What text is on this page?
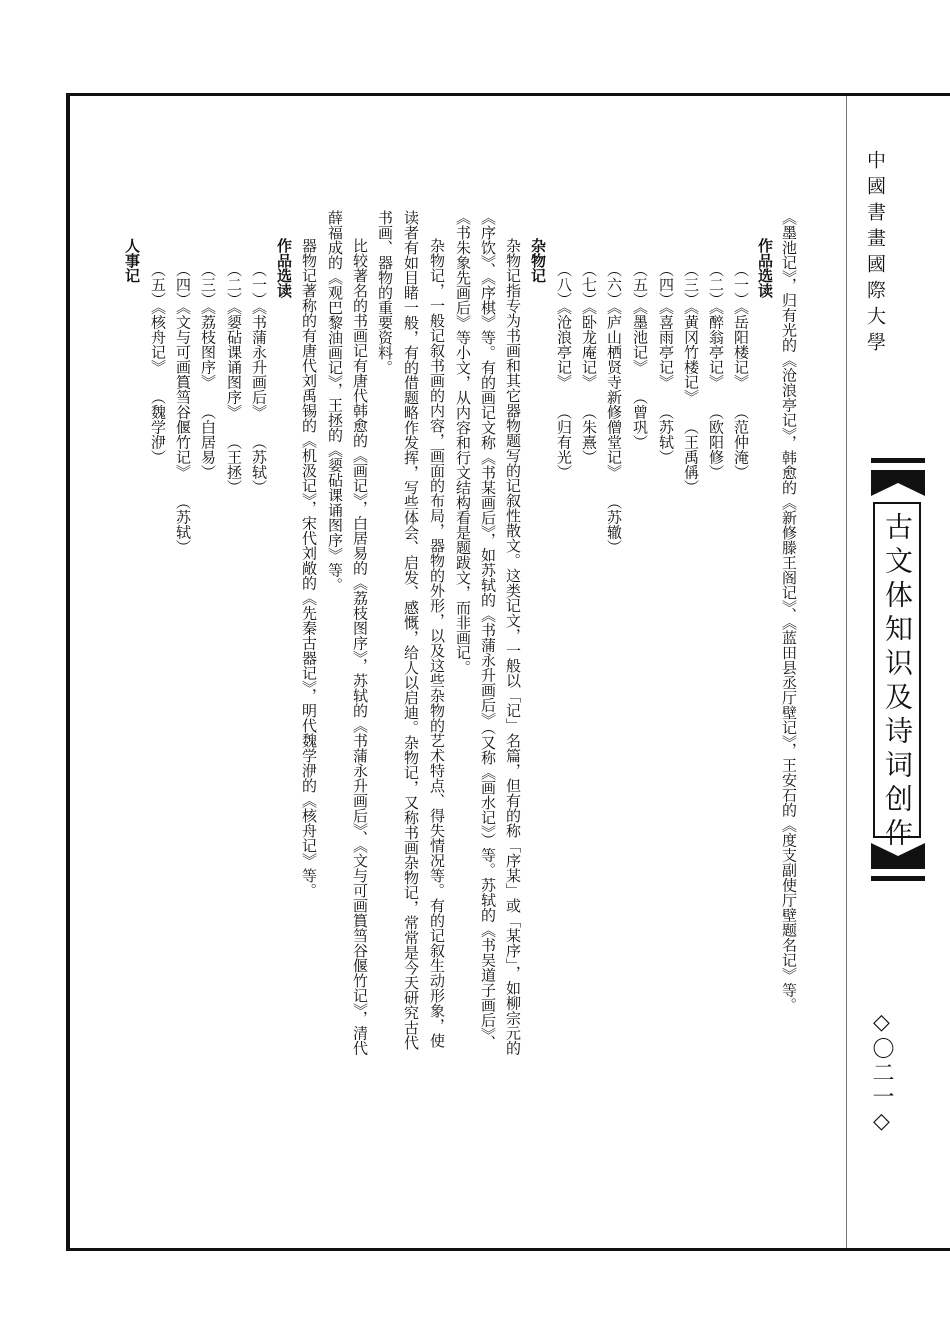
中國書畫國際大學
古文体知识及诗词创作
◇〇二一◇
《墨池记》，归有光的《沧浪亭记》，韩愈的《新修滕王阁记》、《蓝田县丞厅壁记》，王安石的《度支副使厅壁题名记》等。
作品选读
（一）《岳阳楼记》　　（范仲淹）
（二）《醉翁亭记》　　（欧阳修）
（三）《黄冈竹楼记》　　（王禹偁）
（四）《喜雨亭记》　　（苏轼）
（五）《墨池记》　　（曾巩）
（六）《庐山栖贤寺新修僧堂记》　　（苏辙）
（七）《卧龙庵记》　　（朱熹）
（八）《沧浪亭记》　　（归有光）
杂物记
杂物记指专为书画和其它器物题写的记叙性散文。这类记文，一般以「记」名篇，但有的称「序某」或「某序」，如柳宗元的
《序饮》、《序棋》等。有的画记文称《书某画后》，如苏轼的《书蒲永升画后》（又称《画水记》）等。苏轼的《书吴道子画后》、
《书朱象先画后》等小文，从内容和行文结构看是题跋文，而非画记。
杂物记，一般记叙书画的内容，画面的布局，器物的外形，以及这些杂物的艺术特点、得失情况等。有的记叙生动形象，使
读者有如目睹一般，有的借题略作发挥，写些体会、启发、感慨，给人以启迪。杂物记，又称书画杂物记，常常是今天研究古代
书画、器物的重要资料。
比较著名的书画记有唐代韩愈的《画记》，白居易的《荔枝图序》，苏轼的《书蒲永升画后》、《文与可画篔筜谷偃竹记》，清代
薛福成的《观巴黎油画记》，王拯的《媭砧课诵图序》等。
器物记著称的有唐代刘禹锡的《机汲记》，宋代刘敞的《先秦古器记》，明代魏学洢的《核舟记》等。
作品选读
（一）《书蒲永升画后》　　（苏轼）
（二）《媭砧课诵图序》　　（王拯）
（三）《荔枝图序》　　（白居易）
（四）《文与可画篔筜谷偃竹记》　　（苏轼）
（五）《核舟记》　　（魏学洢）
人事记
